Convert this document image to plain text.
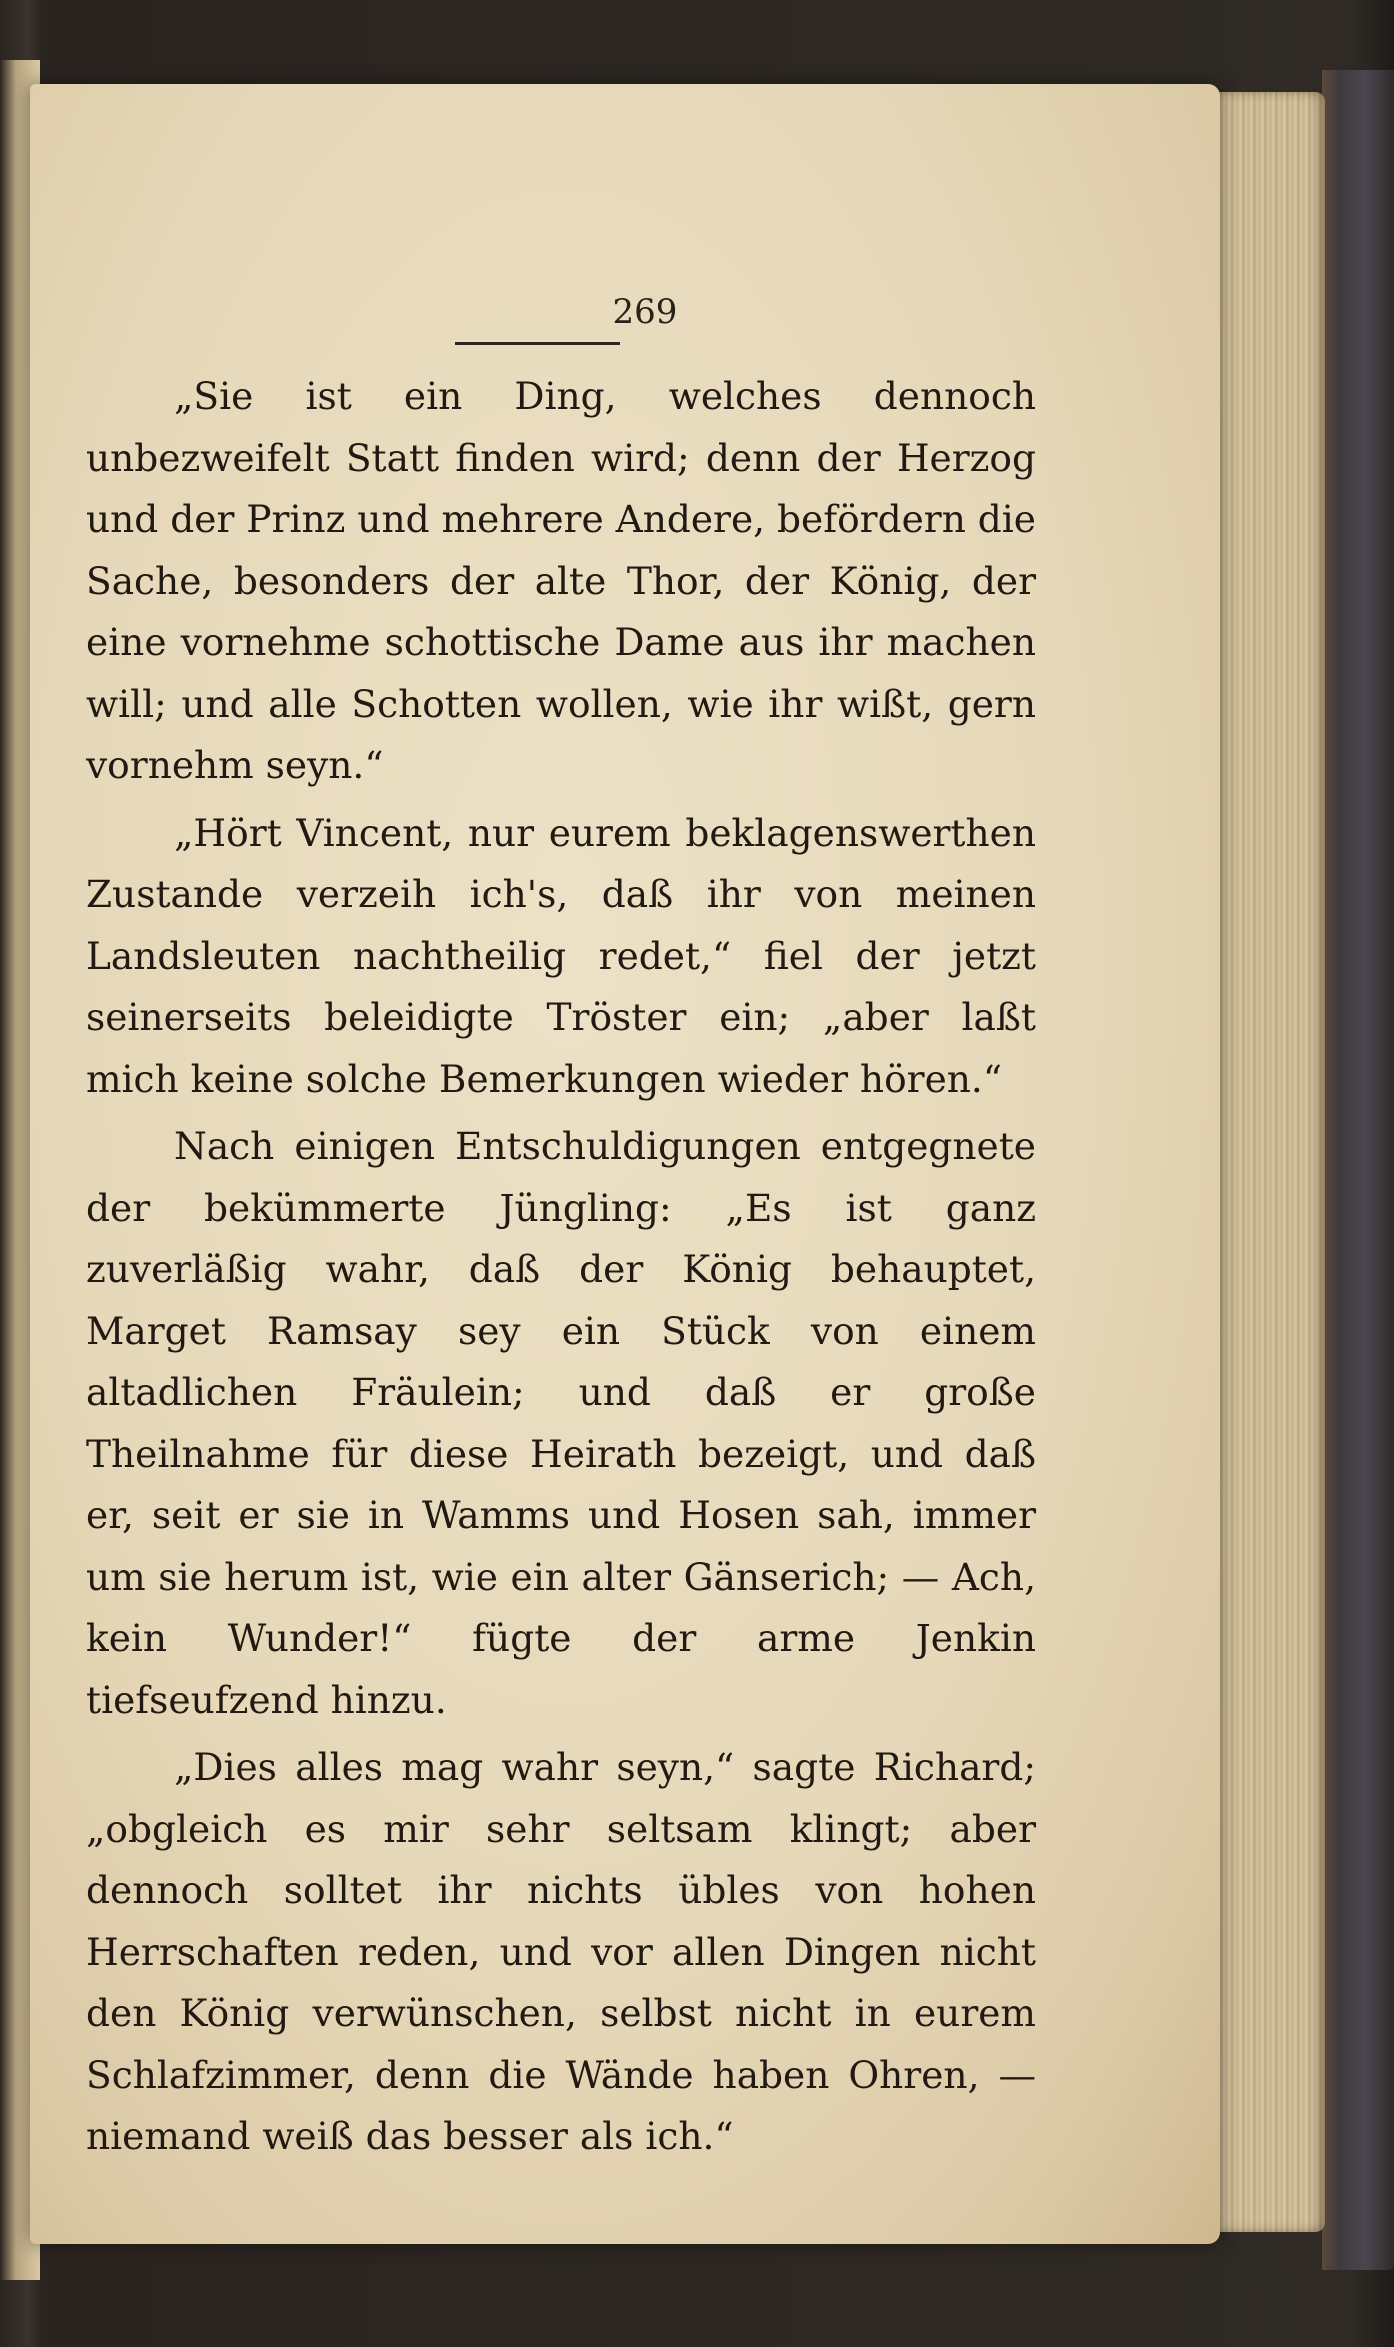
269

„Sie ist ein Ding, welches dennoch unbezweifelt Statt finden wird; denn der Herzog und der Prinz und mehrere Andere, befördern die Sache, besonders der alte Thor, der König, der eine vornehme schottische Dame aus ihr machen will; und alle Schotten wollen, wie ihr wißt, gern vornehm seyn.“

„Hört Vincent, nur eurem beklagenswerthen Zustande verzeih ich's, daß ihr von meinen Landsleuten nachtheilig redet,“ fiel der jetzt seinerseits beleidigte Tröster ein; „aber laßt mich keine solche Bemerkungen wieder hören.“

Nach einigen Entschuldigungen entgegnete der bekümmerte Jüngling: „Es ist ganz zuverläßig wahr, daß der König behauptet, Marget Ramsay sey ein Stück von einem altadlichen Fräulein; und daß er große Theilnahme für diese Heirath bezeigt, und daß er, seit er sie in Wamms und Hosen sah, immer um sie herum ist, wie ein alter Gänserich; — Ach, kein Wunder!“ fügte der arme Jenkin tiefseufzend hinzu.

„Dies alles mag wahr seyn,“ sagte Richard; „obgleich es mir sehr seltsam klingt; aber dennoch solltet ihr nichts übles von hohen Herrschaften reden, und vor allen Dingen nicht den König verwünschen, selbst nicht in eurem Schlafzimmer, denn die Wände haben Ohren, — niemand weiß das besser als ich.“
